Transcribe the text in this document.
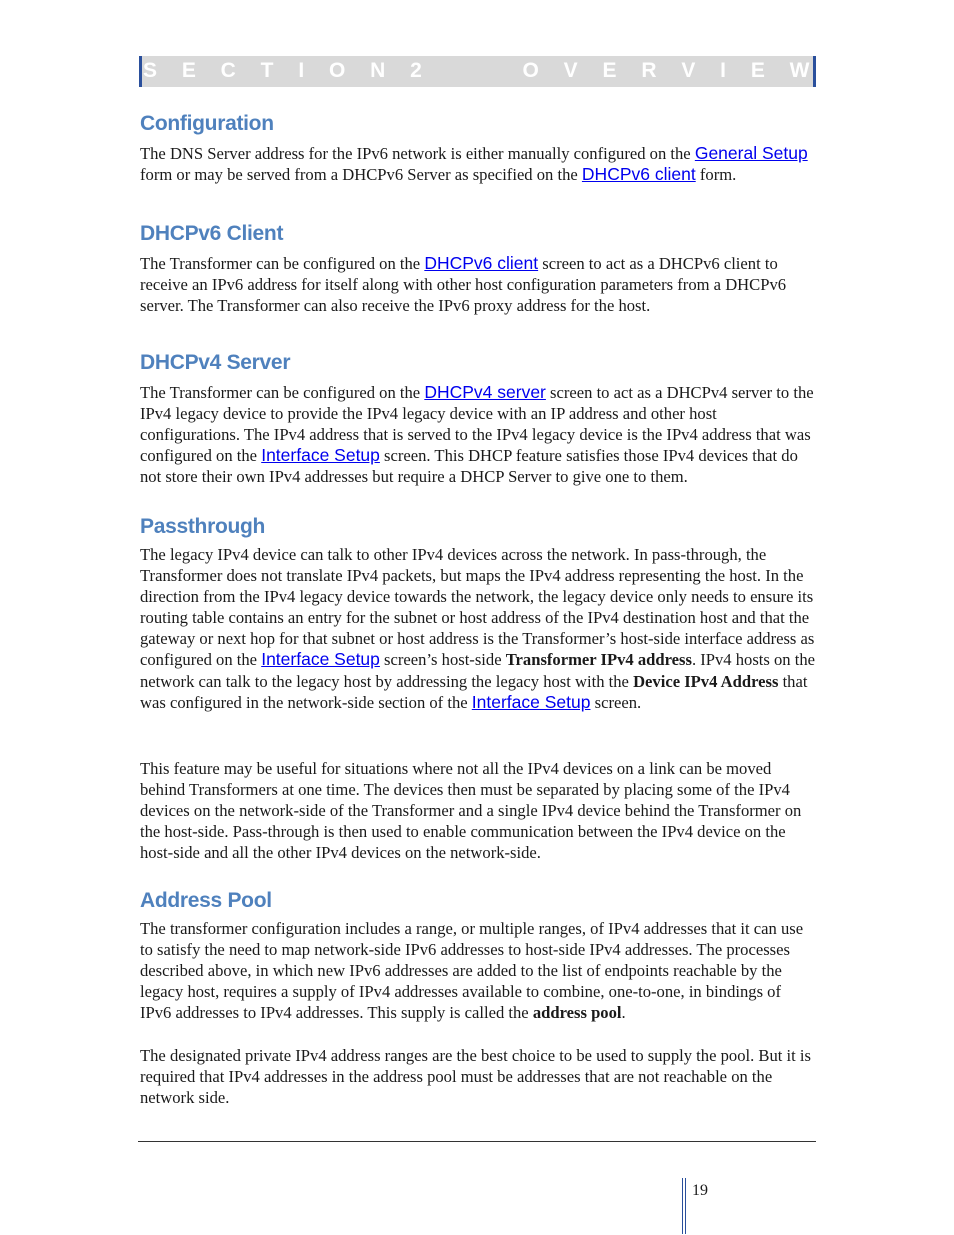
S E C T I O N 2	O V E R V I E W
Configuration

The DNS Server address for the IPv6 network is either manually configured on the General Setup form or may be served from a DHCPv6 Server as specified on the DHCPv6 client form.

DHCPv6 Client

The Transformer can be configured on the DHCPv6 client screen to act as a DHCPv6 client to receive an IPv6 address for itself along with other host configuration parameters from a DHCPv6 server. The Transformer can also receive the IPv6 proxy address for the host.

DHCPv4 Server

The Transformer can be configured on the DHCPv4 server screen to act as a DHCPv4 server to the IPv4 legacy device to provide the IPv4 legacy device with an IP address and other host configurations. The IPv4 address that is served to the IPv4 legacy device is the IPv4 address that was configured on the Interface Setup screen. This DHCP feature satisfies those IPv4 devices that do not store their own IPv4 addresses but require a DHCP Server to give one to them.

Passthrough

The legacy IPv4 device can talk to other IPv4 devices across the network. In pass-through, the Transformer does not translate IPv4 packets, but maps the IPv4 address representing the host. In the direction from the IPv4 legacy device towards the network, the legacy device only needs to ensure its routing table contains an entry for the subnet or host address of the IPv4 destination host and that the gateway or next hop for that subnet or host address is the Transformer’s host-side interface address as configured on the Interface Setup screen’s host-side Transformer IPv4 address. IPv4 hosts on the network can talk to the legacy host by addressing the legacy host with the Device IPv4 Address that was configured in the network-side section of the Interface Setup screen.

This feature may be useful for situations where not all the IPv4 devices on a link can be moved behind Transformers at one time. The devices then must be separated by placing some of the IPv4 devices on the network-side of the Transformer and a single IPv4 device behind the Transformer on the host-side. Pass-through is then used to enable communication between the IPv4 device on the host-side and all the other IPv4 devices on the network-side.

Address Pool

The transformer configuration includes a range, or multiple ranges, of IPv4 addresses that it can use to satisfy the need to map network-side IPv6 addresses to host-side IPv4 addresses. The processes described above, in which new IPv6 addresses are added to the list of endpoints reachable by the legacy host, requires a supply of IPv4 addresses available to combine, one-to-one, in bindings of IPv6 addresses to IPv4 addresses. This supply is called the address pool.

The designated private IPv4 address ranges are the best choice to be used to supply the pool. But it is required that IPv4 addresses in the address pool must be addresses that are not reachable on the network side.

19
